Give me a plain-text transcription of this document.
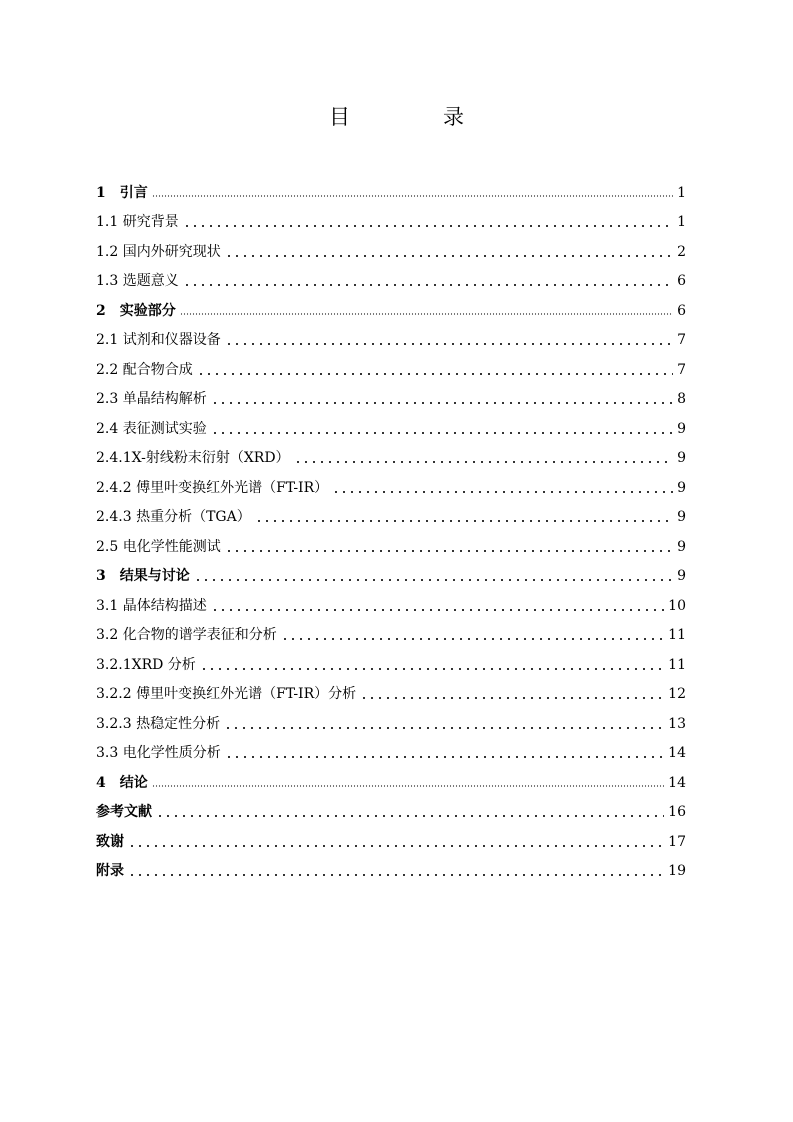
目　录
1　引言	1
1.1 研究背景	1
1.2 国内外研究现状	2
1.3 选题意义	6
2　实验部分	6
2.1 试剂和仪器设备	7
2.2 配合物合成	7
2.3 单晶结构解析	8
2.4 表征测试实验	9
2.4.1X-射线粉末衍射（XRD）	9
2.4.2 傅里叶变换红外光谱（FT-IR）	9
2.4.3 热重分析（TGA）	9
2.5 电化学性能测试	9
3　结果与讨论	9
3.1 晶体结构描述	10
3.2 化合物的谱学表征和分析	11
3.2.1XRD 分析	11
3.2.2 傅里叶变换红外光谱（FT-IR）分析	12
3.2.3 热稳定性分析	13
3.3 电化学性质分析	14
4　结论	14
参考文献	16
致谢	17
附录	19
